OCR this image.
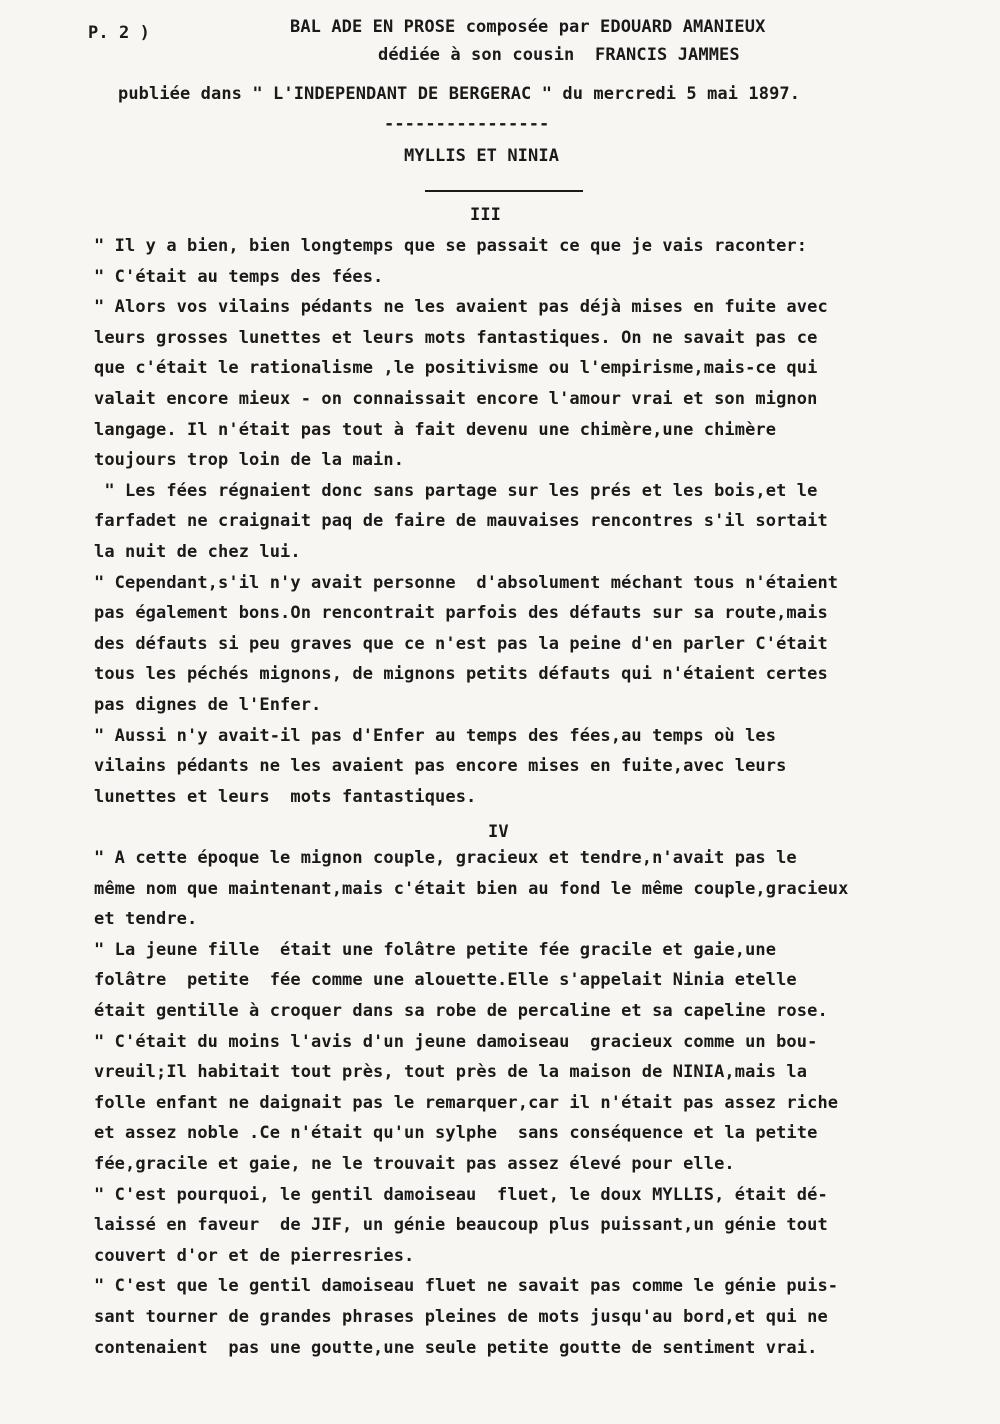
P. 2 )	BAL ADE EN PROSE composée par EDOUARD AMANIEUX
dédiée à son cousin  FRANCIS JAMMES
publiée dans " L'INDEPENDANT DE BERGERAC " du mercredi 5 mai 1897.
----------------
MYLLIS ET NINIA
III
" Il y a bien, bien longtemps que se passait ce que je vais raconter:
" C'était au temps des fées.
" Alors vos vilains pédants ne les avaient pas déjà mises en fuite avec
leurs grosses lunettes et leurs mots fantastiques. On ne savait pas ce
que c'était le rationalisme ,le positivisme ou l'empirisme,mais-ce qui
valait encore mieux - on connaissait encore l'amour vrai et son mignon
langage. Il n'était pas tout à fait devenu une chimère,une chimère
toujours trop loin de la main.
" Les fées régnaient donc sans partage sur les prés et les bois,et le
farfadet ne craignait paq de faire de mauvaises rencontres s'il sortait
la nuit de chez lui.
" Cependant,s'il n'y avait personne  d'absolument méchant tous n'étaient
pas également bons.On rencontrait parfois des défauts sur sa route,mais
des défauts si peu graves que ce n'est pas la peine d'en parler C'était
tous les péchés mignons, de mignons petits défauts qui n'étaient certes
pas dignes de l'Enfer.
" Aussi n'y avait-il pas d'Enfer au temps des fées,au temps où les
vilains pédants ne les avaient pas encore mises en fuite,avec leurs
lunettes et leurs  mots fantastiques.
IV
" A cette époque le mignon couple, gracieux et tendre,n'avait pas le
même nom que maintenant,mais c'était bien au fond le même couple,gracieux
et tendre.
" La jeune fille  était une folâtre petite fée gracile et gaie,une
folâtre  petite  fée comme une alouette.Elle s'appelait Ninia etelle
était gentille à croquer dans sa robe de percaline et sa capeline rose.
" C'était du moins l'avis d'un jeune damoiseau  gracieux comme un bou-
vreuil;Il habitait tout près, tout près de la maison de NINIA,mais la
folle enfant ne daignait pas le remarquer,car il n'était pas assez riche
et assez noble .Ce n'était qu'un sylphe  sans conséquence et la petite
fée,gracile et gaie, ne le trouvait pas assez élevé pour elle.
" C'est pourquoi, le gentil damoiseau  fluet, le doux MYLLIS, était dé-
laissé en faveur  de JIF, un génie beaucoup plus puissant,un génie tout
couvert d'or et de pierresries.
" C'est que le gentil damoiseau fluet ne savait pas comme le génie puis-
sant tourner de grandes phrases pleines de mots jusqu'au bord,et qui ne
contenaient  pas une goutte,une seule petite goutte de sentiment vrai.
